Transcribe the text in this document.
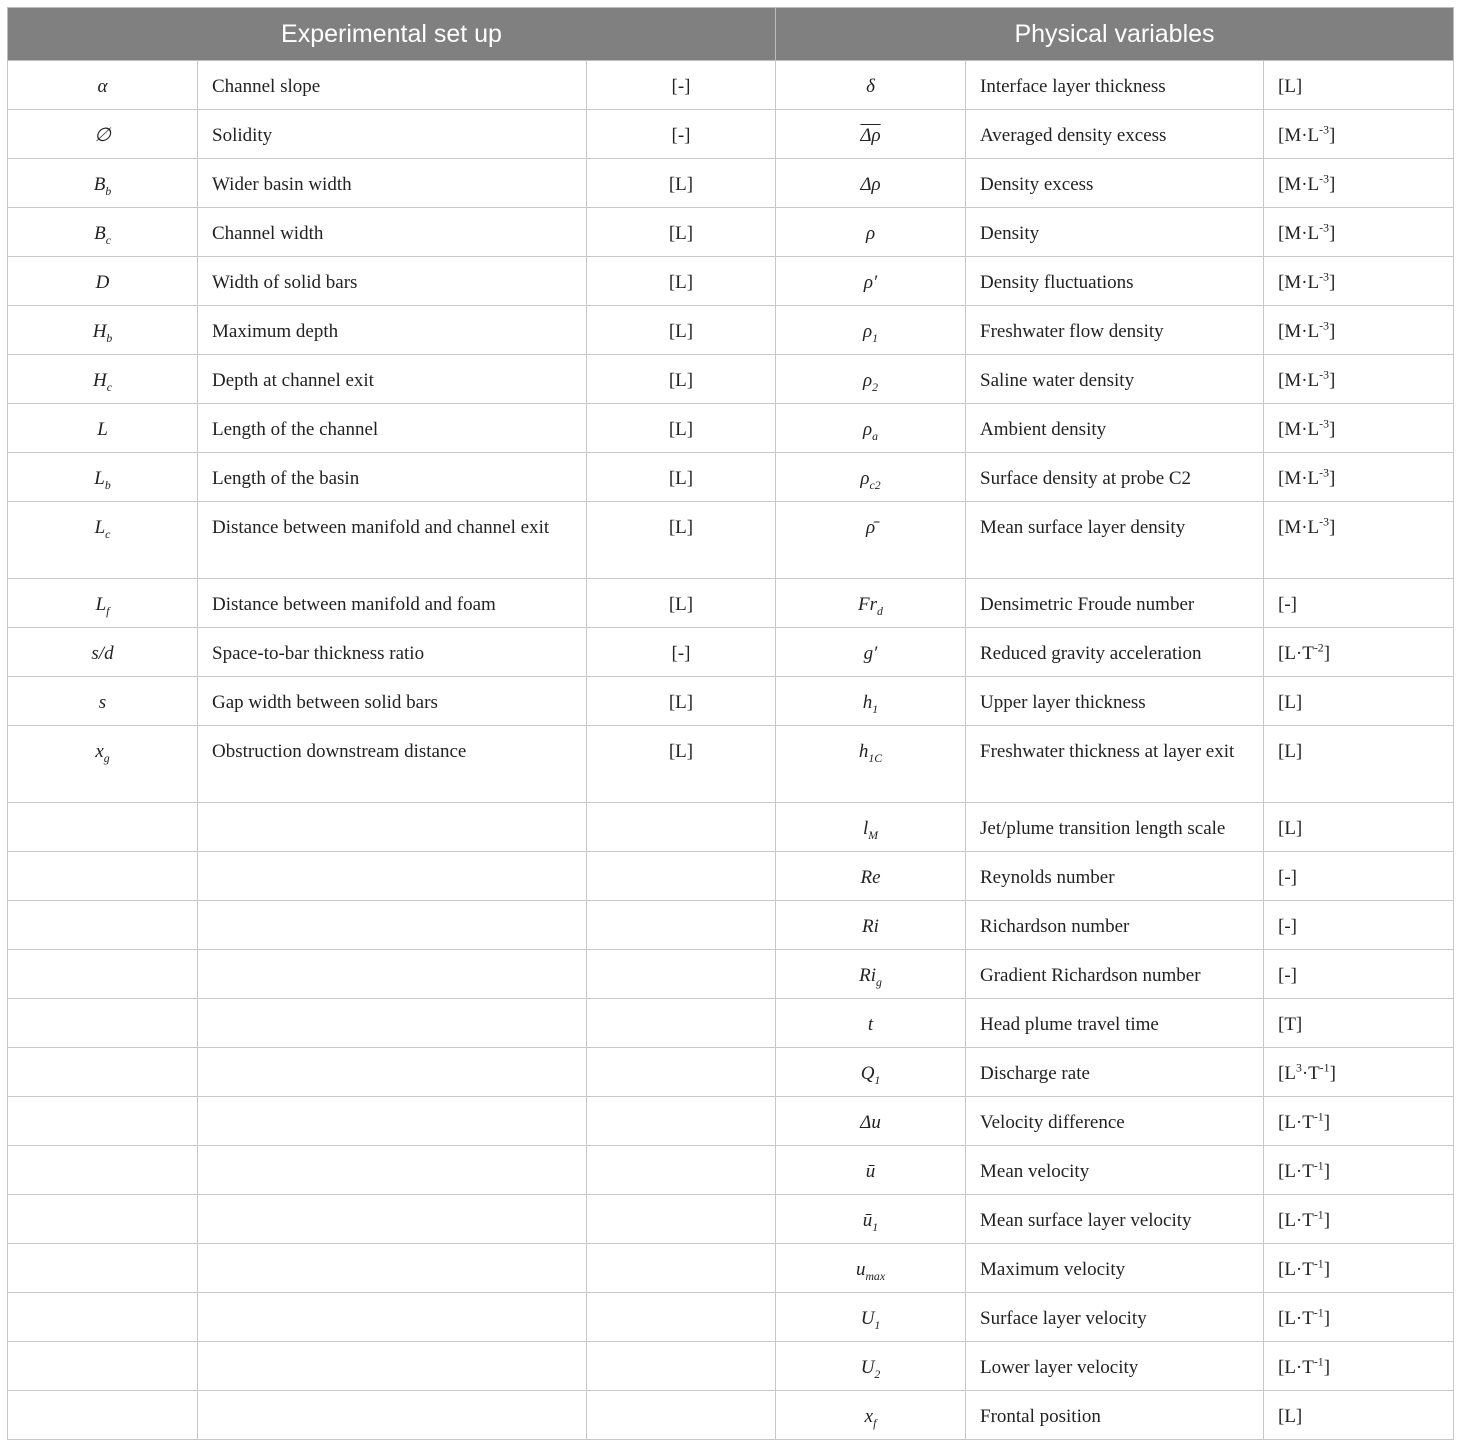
Experimental set up			Physical variables		
α	Channel slope	[-]	δ	Interface layer thickness	[L]
∅	Solidity	[-]	$\overline{\Delta\rho}$	Averaged density excess	$[M\cdot L^{-3}]$
$B_b$	Wider basin width	[L]	Δρ	Density excess	$[M\cdot L^{-3}]$
$B_c$	Channel width	[L]	ρ	Density	$[M\cdot L^{-3}]$
D	Width of solid bars	[L]	ρ′	Density fluctuations	$[M\cdot L^{-3}]$
$H_b$	Maximum depth	[L]	$\rho_1$	Freshwater flow density	$[M\cdot L^{-3}]$
$H_c$	Depth at channel exit	[L]	$\rho_2$	Saline water density	$[M\cdot L^{-3}]$
L	Length of the channel	[L]	$\rho_a$	Ambient density	$[M\cdot L^{-3}]$
$L_b$	Length of the basin	[L]	$\rho_{c2}$	Surface density at probe C2	$[M\cdot L^{-3}]$
$L_c$	Distance between manifold and channel exit	[L]	ρ̄	Mean surface layer density	$[M\cdot L^{-3}]$
$L_f$	Distance between manifold and foam	[L]	$Fr_d$	Densimetric Froude number	[-]
s/d	Space-to-bar thickness ratio	[-]	g′	Reduced gravity acceleration	$[L\cdot T^{-2}]$
s	Gap width between solid bars	[L]	$h_1$	Upper layer thickness	[L]
$x_g$	Obstruction downstream distance	[L]	$h_{1C}$	Freshwater thickness at layer exit	[L]
			$l_M$	Jet/plume transition length scale	[L]
			Re	Reynolds number	[-]
			Ri	Richardson number	[-]
			$Ri_g$	Gradient Richardson number	[-]
			t	Head plume travel time	[T]
			$Q_1$	Discharge rate	$[L^3\cdot T^{-1}]$
			Δu	Velocity difference	$[L\cdot T^{-1}]$
			ū	Mean velocity	$[L\cdot T^{-1}]$
			$ū_1$	Mean surface layer velocity	$[L\cdot T^{-1}]$
			$u_{max}$	Maximum velocity	$[L\cdot T^{-1}]$
			$U_1$	Surface layer velocity	$[L\cdot T^{-1}]$
			$U_2$	Lower layer velocity	$[L\cdot T^{-1}]$
			$x_f$	Frontal position	[L]
